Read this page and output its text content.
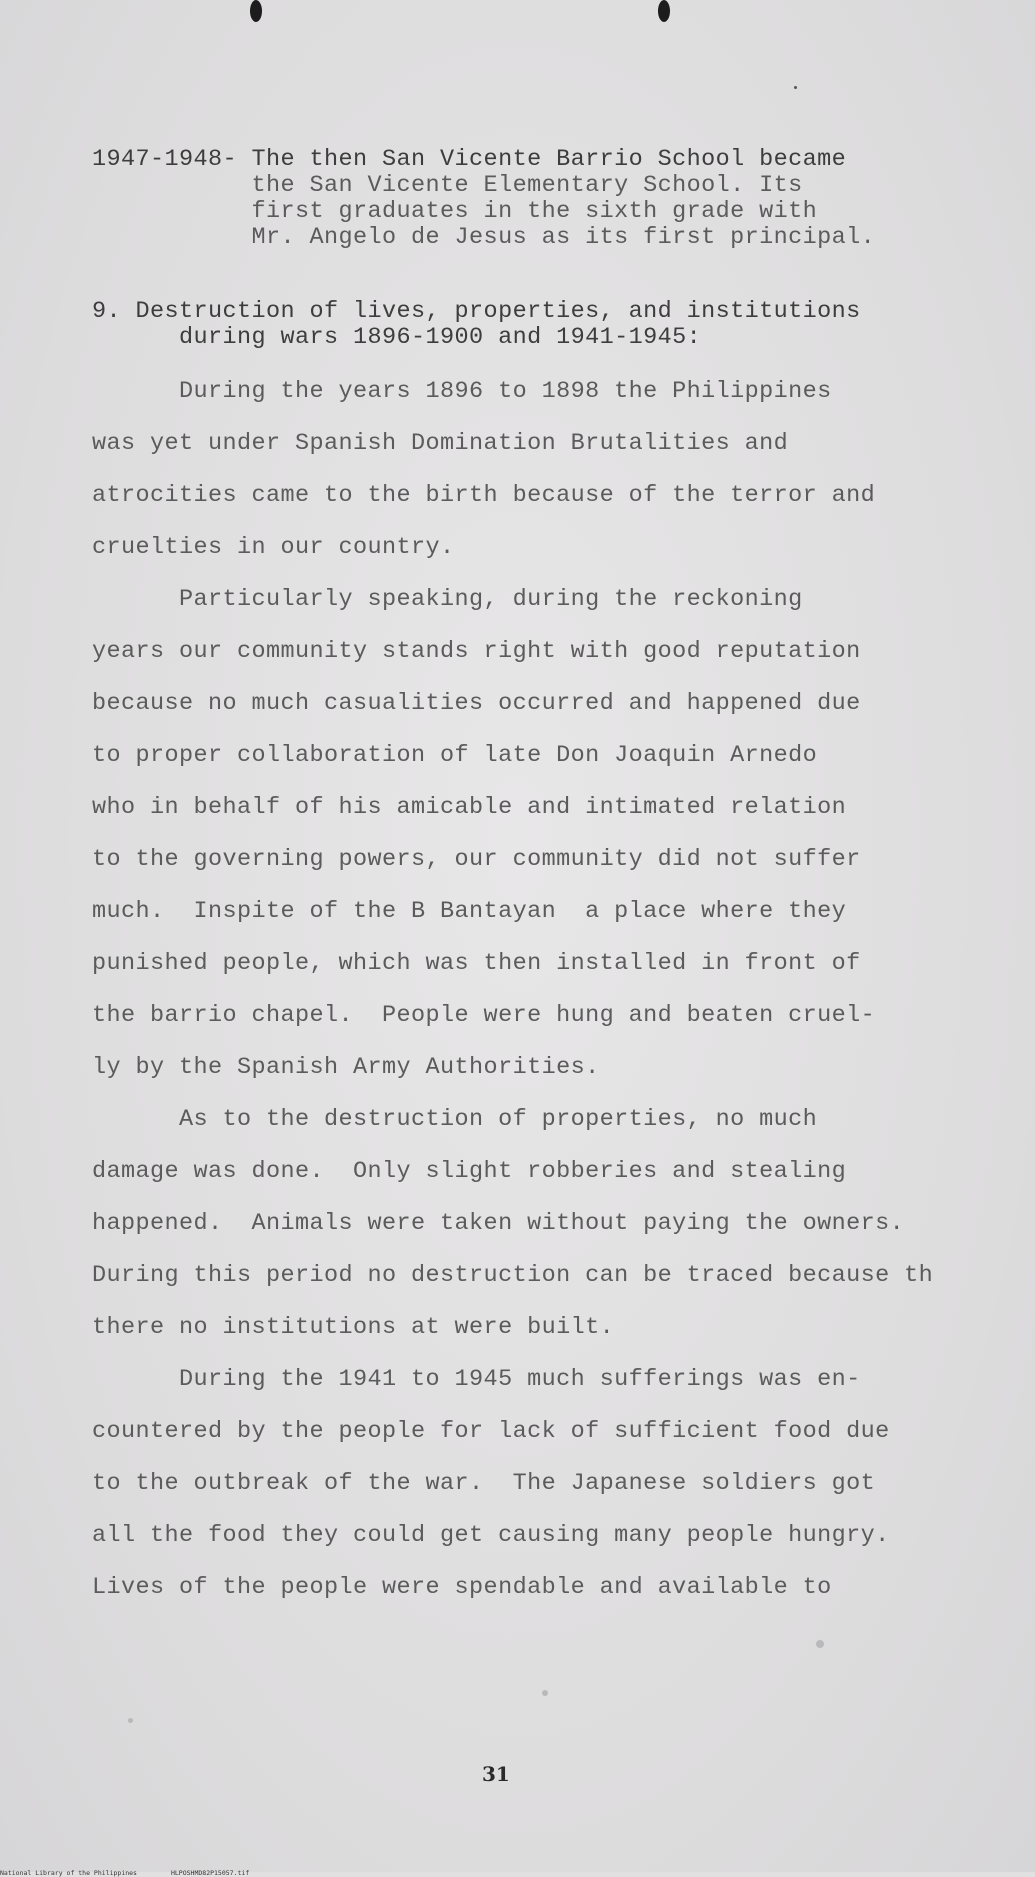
1947-1948- The then San Vicente Barrio School became
the San Vicente Elementary School. Its
first graduates in the sixth grade with
Mr. Angelo de Jesus as its first principal.
9. Destruction of lives, properties, and institutions
during wars 1896-1900 and 1941-1945:
During the years 1896 to 1898 the Philippines
was yet under Spanish Domination Brutalities and
atrocities came to the birth because of the terror and
cruelties in our country.
Particularly speaking, during the reckoning
years our community stands right with good reputation
because no much casualities occurred and happened due
to proper collaboration of late Don Joaquin Arnedo
who in behalf of his amicable and intimated relation
to the governing powers, our community did not suffer
much.  Inspite of the B Bantayan  a place where they
punished people, which was then installed in front of
the barrio chapel.  People were hung and beaten cruel-
ly by the Spanish Army Authorities.
As to the destruction of properties, no much
damage was done.  Only slight robberies and stealing
happened.  Animals were taken without paying the owners.
During this period no destruction can be traced because th
there no institutions at were built.
During the 1941 to 1945 much sufferings was en-
countered by the people for lack of sufficient food due
to the outbreak of the war.  The Japanese soldiers got
all the food they could get causing many people hungry.
Lives of the people were spendable and available to
31
National Library of the Philippines	HLPOSHMD82P15057.tif
